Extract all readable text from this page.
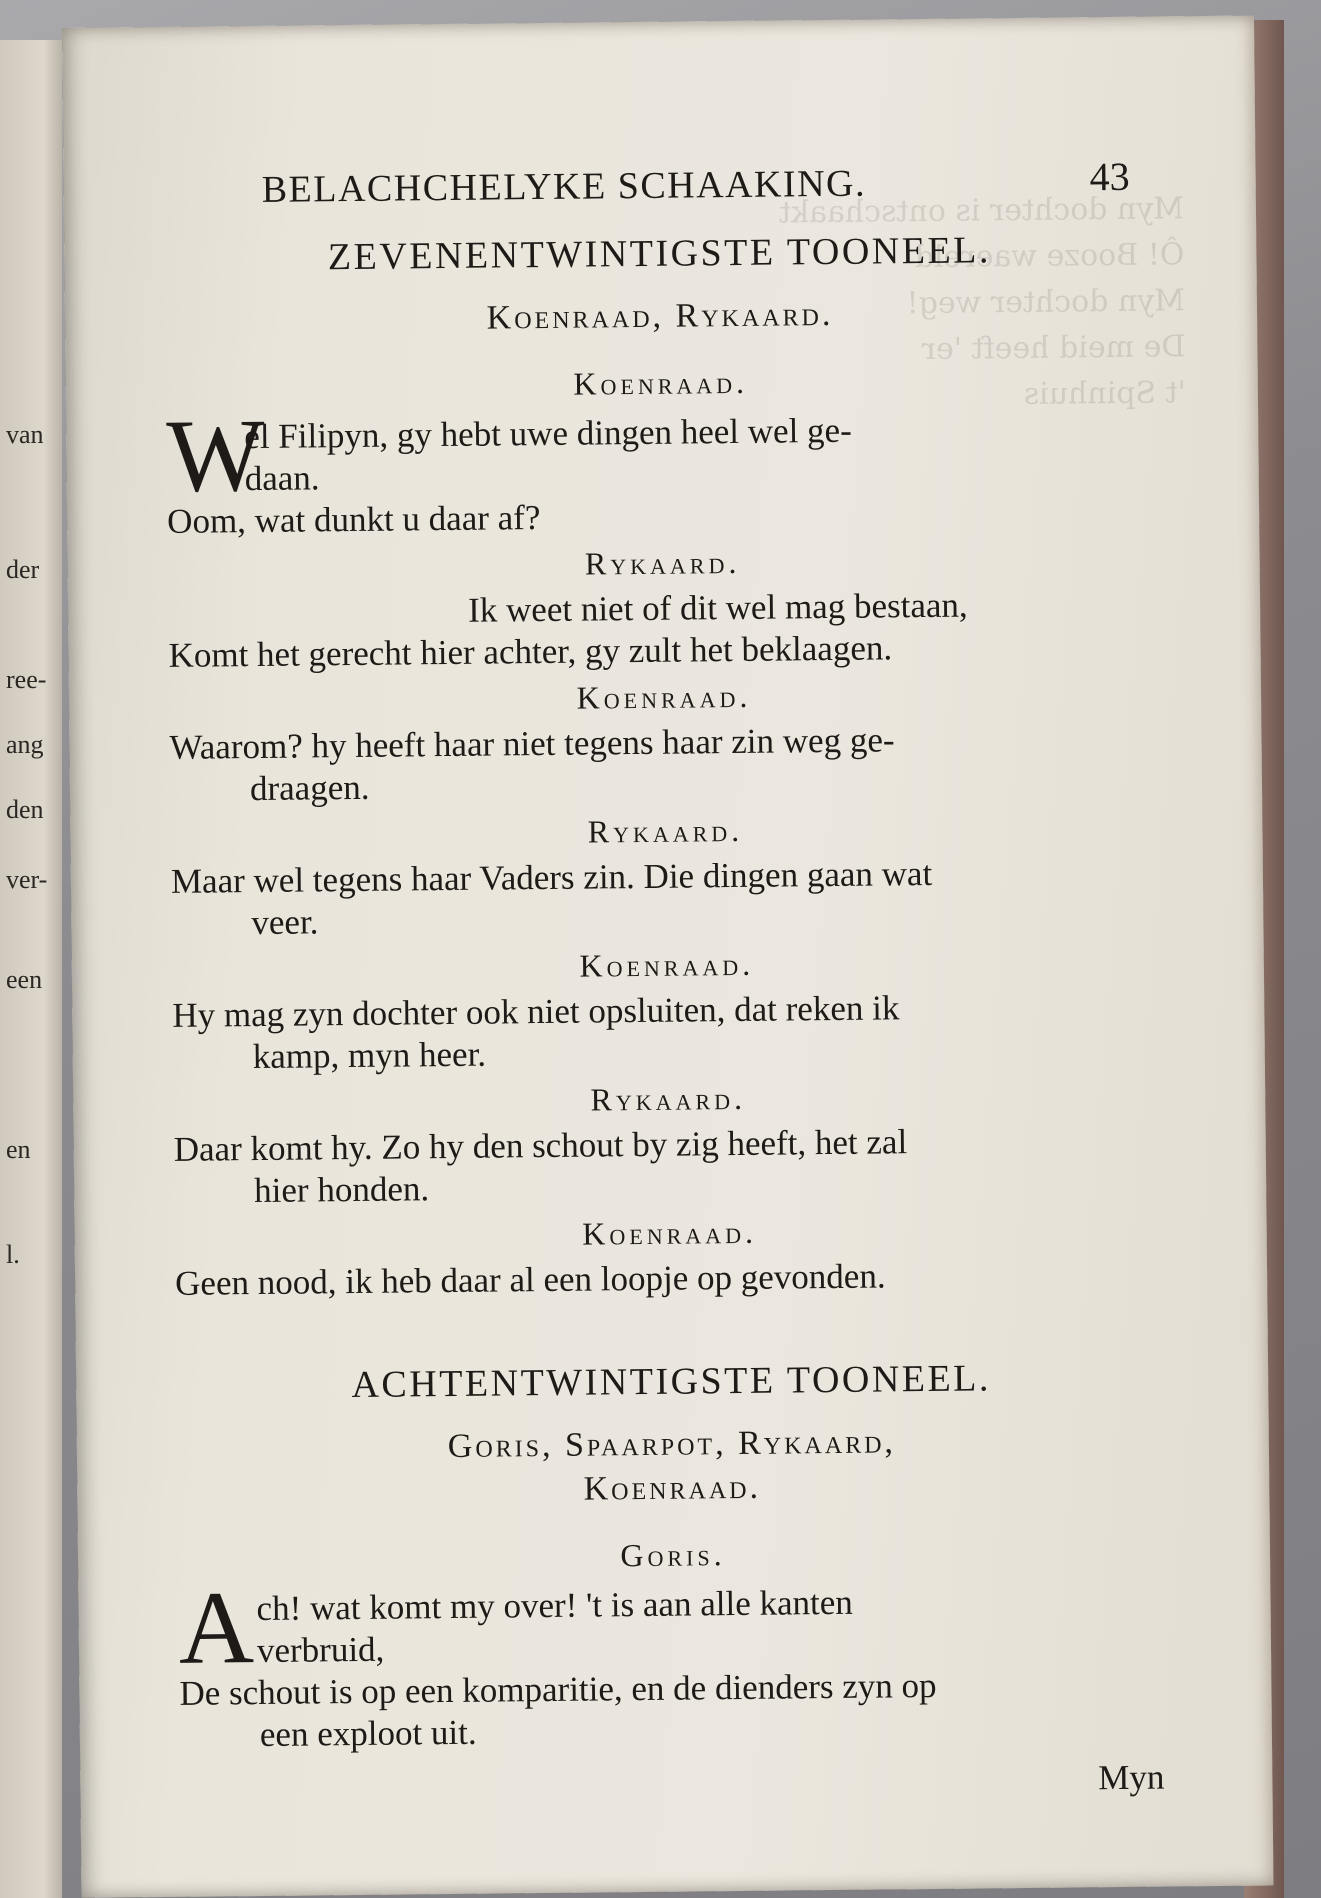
van
der
ree-
ang
den
ver-
een
en
l.
Myn dochter is ontschaakt
Ô! Booze waereld
Myn dochter weg!
De meid heeft 'er
't Spinhuis
BELACHCHELYKE SCHAAKING.	43
ZEVENENTWINTIGSTE TOONEEL.
Koenraad, Rykaard.
Koenraad.
W
el Filipyn, gy hebt uwe dingen heel wel ge-
daan.
Oom, wat dunkt u daar af?
Rykaard.
Ik weet niet of dit wel mag bestaan,
Komt het gerecht hier achter, gy zult het beklaagen.
Koenraad.
Waarom? hy heeft haar niet tegens haar zin weg ge-
draagen.
Rykaard.
Maar wel tegens haar Vaders zin. Die dingen gaan wat
veer.
Koenraad.
Hy mag zyn dochter ook niet opsluiten, dat reken ik
kamp, myn heer.
Rykaard.
Daar komt hy. Zo hy den schout by zig heeft, het zal
hier honden.
Koenraad.
Geen nood, ik heb daar al een loopje op gevonden.
ACHTENTWINTIGSTE TOONEEL.
Goris, Spaarpot, Rykaard,
Koenraad.
Goris.
A ch! wat komt my over! 't is aan alle kanten
verbruid,
De schout is op een komparitie, en de dienders zyn op
een exploot uit.
Myn
